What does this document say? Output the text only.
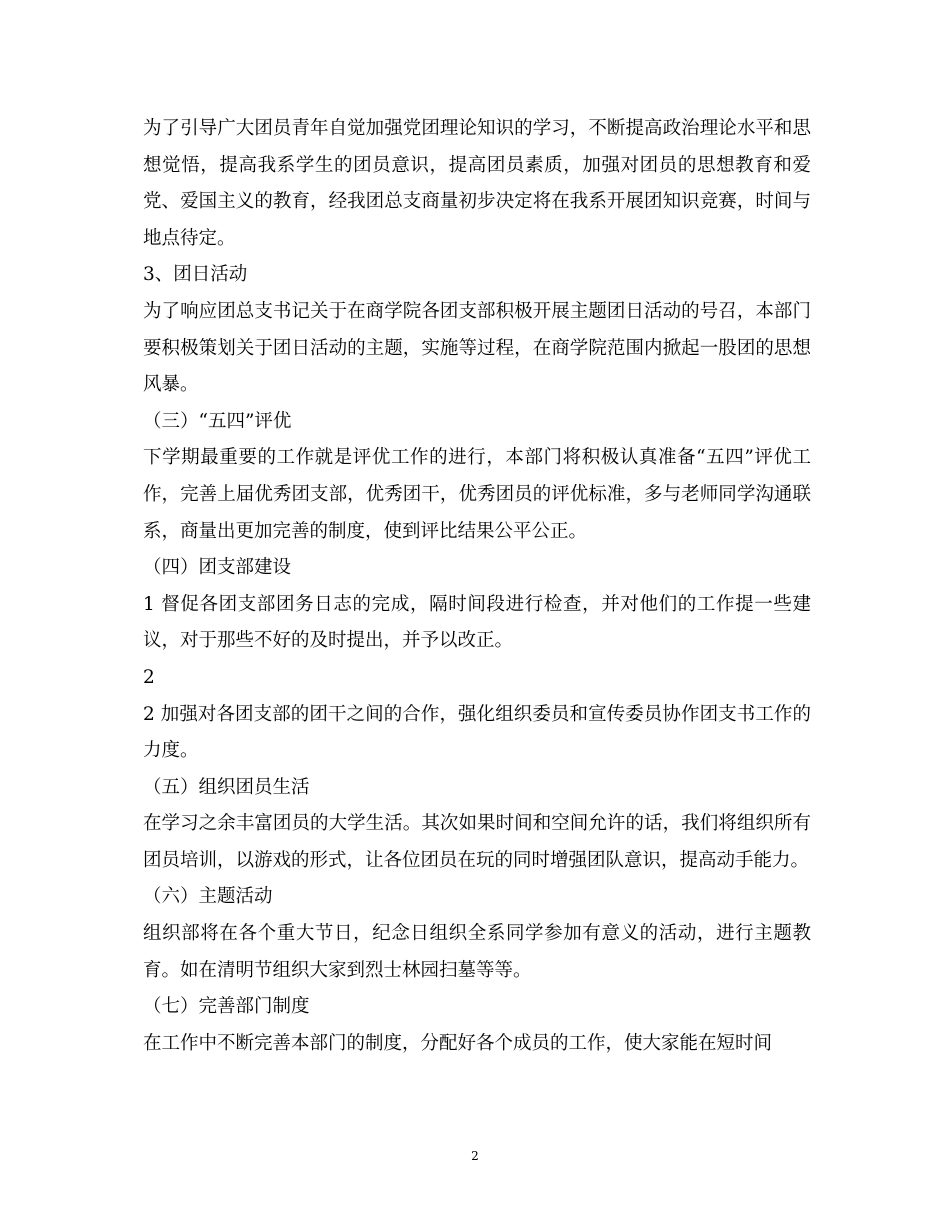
为了引导广大团员青年自觉加强党团理论知识的学习，不断提高政治理论水平和思想觉悟，提高我系学生的团员意识，提高团员素质，加强对团员的思想教育和爱党、爱国主义的教育，经我团总支商量初步决定将在我系开展团知识竞赛，时间与地点待定。

3、团日活动

为了响应团总支书记关于在商学院各团支部积极开展主题团日活动的号召，本部门要积极策划关于团日活动的主题，实施等过程，在商学院范围内掀起一股团的思想风暴。

（三）“五四”评优

下学期最重要的工作就是评优工作的进行，本部门将积极认真准备“五四”评优工作，完善上届优秀团支部，优秀团干，优秀团员的评优标准，多与老师同学沟通联系，商量出更加完善的制度，使到评比结果公平公正。

（四）团支部建设

1 督促各团支部团务日志的完成，隔时间段进行检查，并对他们的工作提一些建议，对于那些不好的及时提出，并予以改正。

2

2 加强对各团支部的团干之间的合作，强化组织委员和宣传委员协作团支书工作的力度。

（五）组织团员生活

在学习之余丰富团员的大学生活。其次如果时间和空间允许的话，我们将组织所有团员培训，以游戏的形式，让各位团员在玩的同时增强团队意识，提高动手能力。

（六）主题活动

组织部将在各个重大节日，纪念日组织全系同学参加有意义的活动，进行主题教育。如在清明节组织大家到烈士林园扫墓等等。

（七）完善部门制度

在工作中不断完善本部门的制度，分配好各个成员的工作，使大家能在短时间

2
